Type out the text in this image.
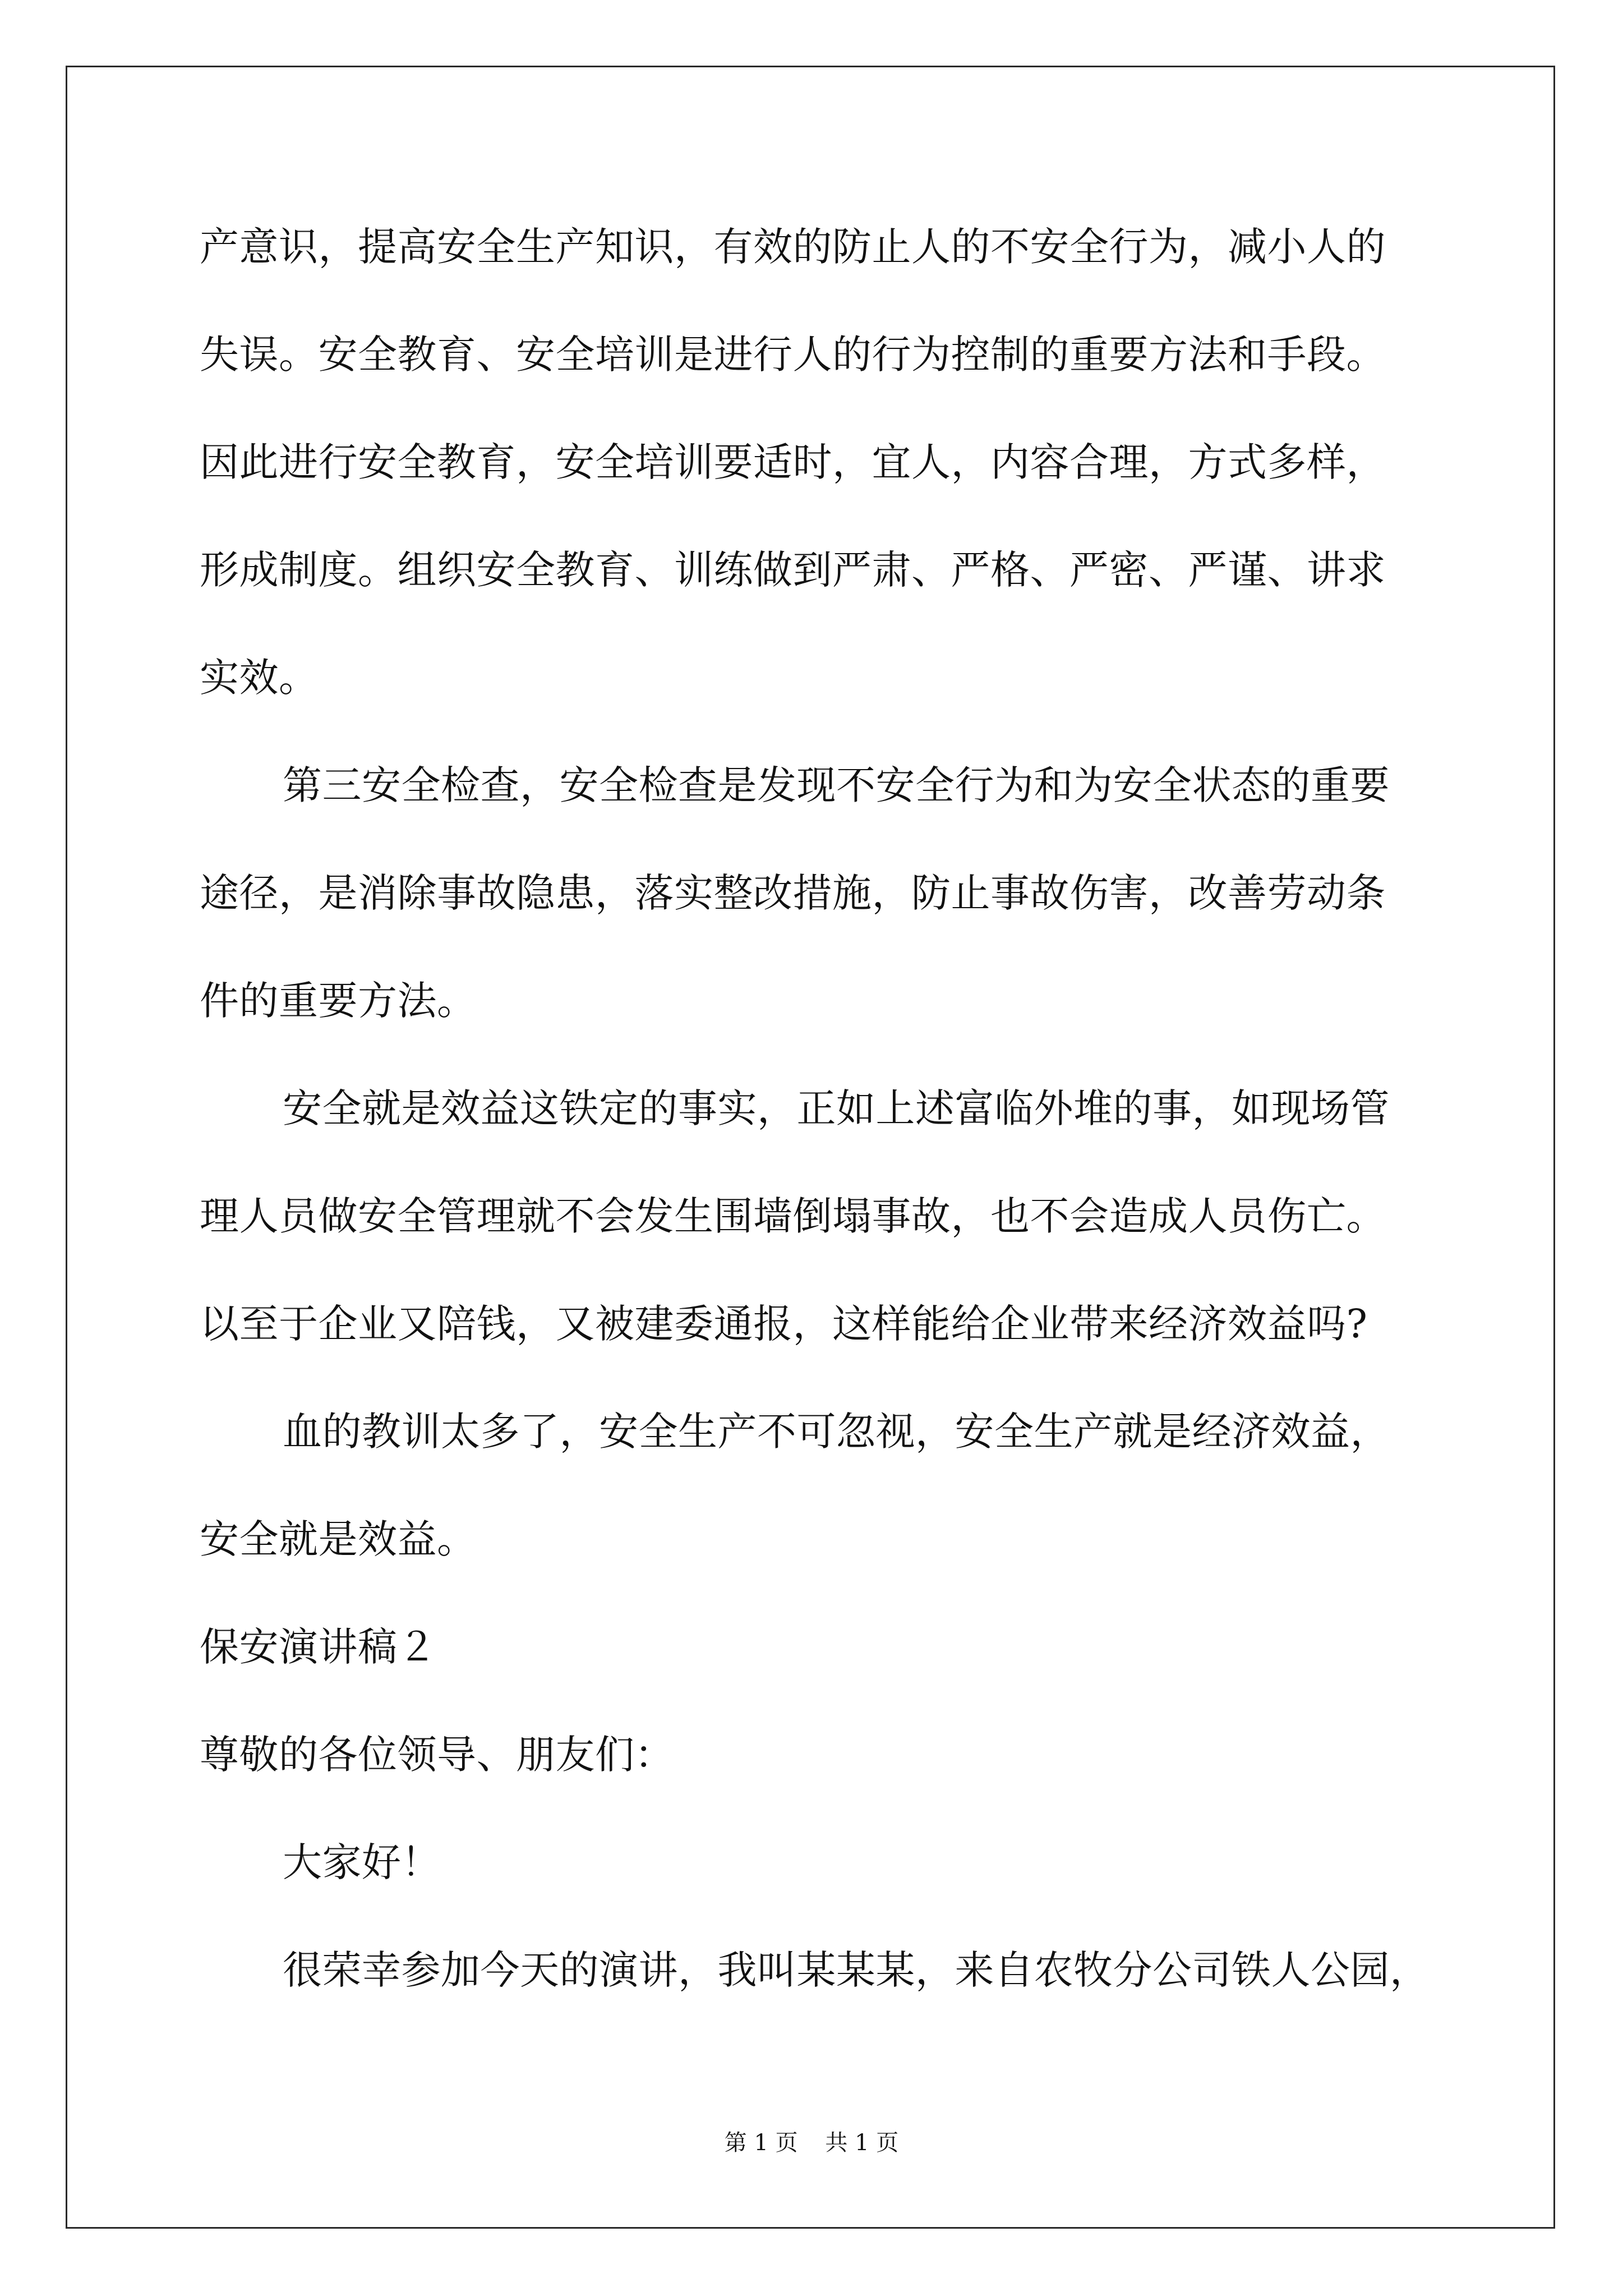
产意识，提高安全生产知识，有效的防止人的不安全行为，减小人的
失误。安全教育、安全培训是进行人的行为控制的重要方法和手段。
因此进行安全教育，安全培训要适时，宜人，内容合理，方式多样，
形成制度。组织安全教育、训练做到严肃、严格、严密、严谨、讲求
实效。
第三安全检查，安全检查是发现不安全行为和为安全状态的重要
途径，是消除事故隐患，落实整改措施，防止事故伤害，改善劳动条
件的重要方法。
安全就是效益这铁定的事实，正如上述富临外堆的事，如现场管
理人员做安全管理就不会发生围墙倒塌事故，也不会造成人员伤亡。
以至于企业又陪钱，又被建委通报，这样能给企业带来经济效益吗?
血的教训太多了，安全生产不可忽视，安全生产就是经济效益，
安全就是效益。
保安演讲稿２
尊敬的各位领导、朋友们：
大家好！
很荣幸参加今天的演讲，我叫某某某，来自农牧分公司铁人公园，
第 1 页 共 1 页
